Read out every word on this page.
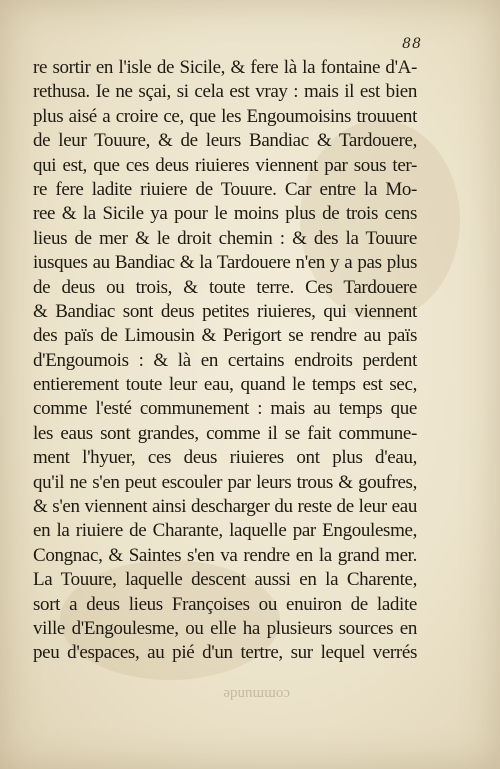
88
re sortir en l'isle de Sicile, & fere là la fontaine d'A-
rethusa. Ie ne sçai, si cela est vray : mais il est bien
plus aisé a croire ce, que les Engoumoisins trouuent
de leur Touure, & de leurs Bandiac & Tardouere,
qui est, que ces deus riuieres viennent par sous ter-
re fere ladite riuiere de Touure. Car entre la Mo-
ree & la Sicile ya pour le moins plus de trois cens
lieus de mer & le droit chemin : & des la Touure
iusques au Bandiac & la Tardouere n'en y a pas plus
de deus ou trois, & toute terre. Ces Tardouere
& Bandiac sont deus petites riuieres, qui viennent
des païs de Limousin & Perigort se rendre au païs
d'Engoumois : & là en certains endroits perdent
entierement toute leur eau, quand le temps est sec,
comme l'esté communement : mais au temps que
les eaus sont grandes, comme il se fait commune-
ment l'hyuer, ces deus riuieres ont plus d'eau,
qu'il ne s'en peut escouler par leurs trous & goufres,
& s'en viennent ainsi descharger du reste de leur eau
en la riuiere de Charante, laquelle par Engoulesme,
Congnac, & Saintes s'en va rendre en la grand mer.
La Touure, laquelle descent aussi en la Charente,
sort a deus lieus Françoises ou enuiron de ladite
ville d'Engoulesme, ou elle ha plusieurs sources en
peu d'espaces, au pié d'un tertre, sur lequel verrés
communde
